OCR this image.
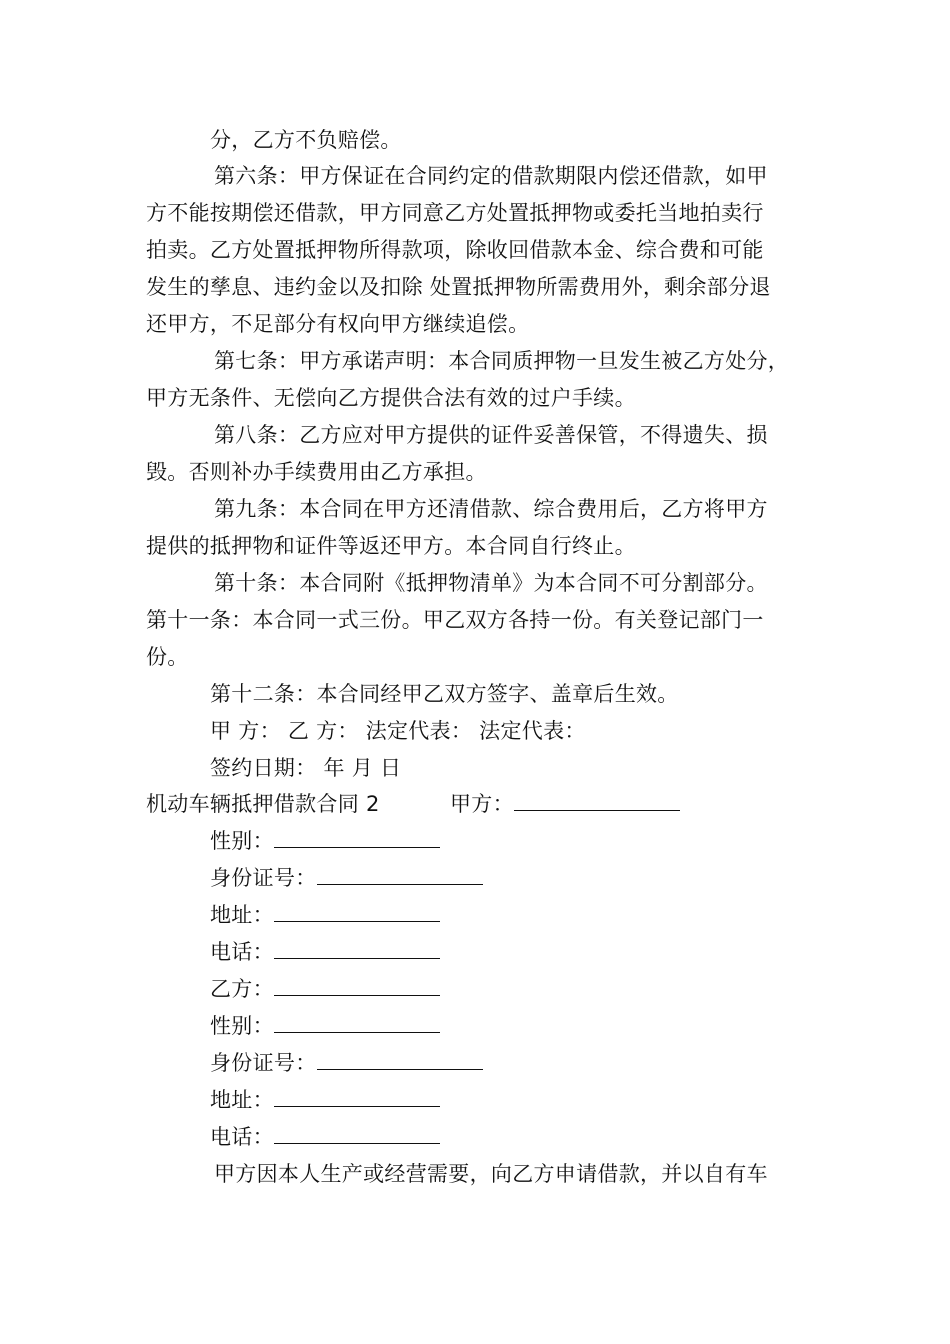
分，乙方不负赔偿。
第六条：甲方保证在合同约定的借款期限内偿还借款，如甲
方不能按期偿还借款，甲方同意乙方处置抵押物或委托当地拍卖行
拍卖。乙方处置抵押物所得款项，除收回借款本金、综合费和可能
发生的孳息、违约金以及扣除 处置抵押物所需费用外，剩余部分退
还甲方，不足部分有权向甲方继续追偿。
第七条：甲方承诺声明：本合同质押物一旦发生被乙方处分，
甲方无条件、无偿向乙方提供合法有效的过户手续。
第八条：乙方应对甲方提供的证件妥善保管，不得遗失、损
毁。否则补办手续费用由乙方承担。
第九条：本合同在甲方还清借款、综合费用后，乙方将甲方
提供的抵押物和证件等返还甲方。本合同自行终止。
第十条：本合同附《抵押物清单》为本合同不可分割部分。
第十一条：本合同一式三份。甲乙双方各持一份。有关登记部门一
份。
第十二条：本合同经甲乙双方签字、盖章后生效。
甲 方： 乙 方： 法定代表： 法定代表：
签约日期： 年 月 日
机动车辆抵押借款合同 2	甲方：
性别：
身份证号：
地址：
电话：
乙方：
性别：
身份证号：
地址：
电话：
甲方因本人生产或经营需要，向乙方申请借款，并以自有车
